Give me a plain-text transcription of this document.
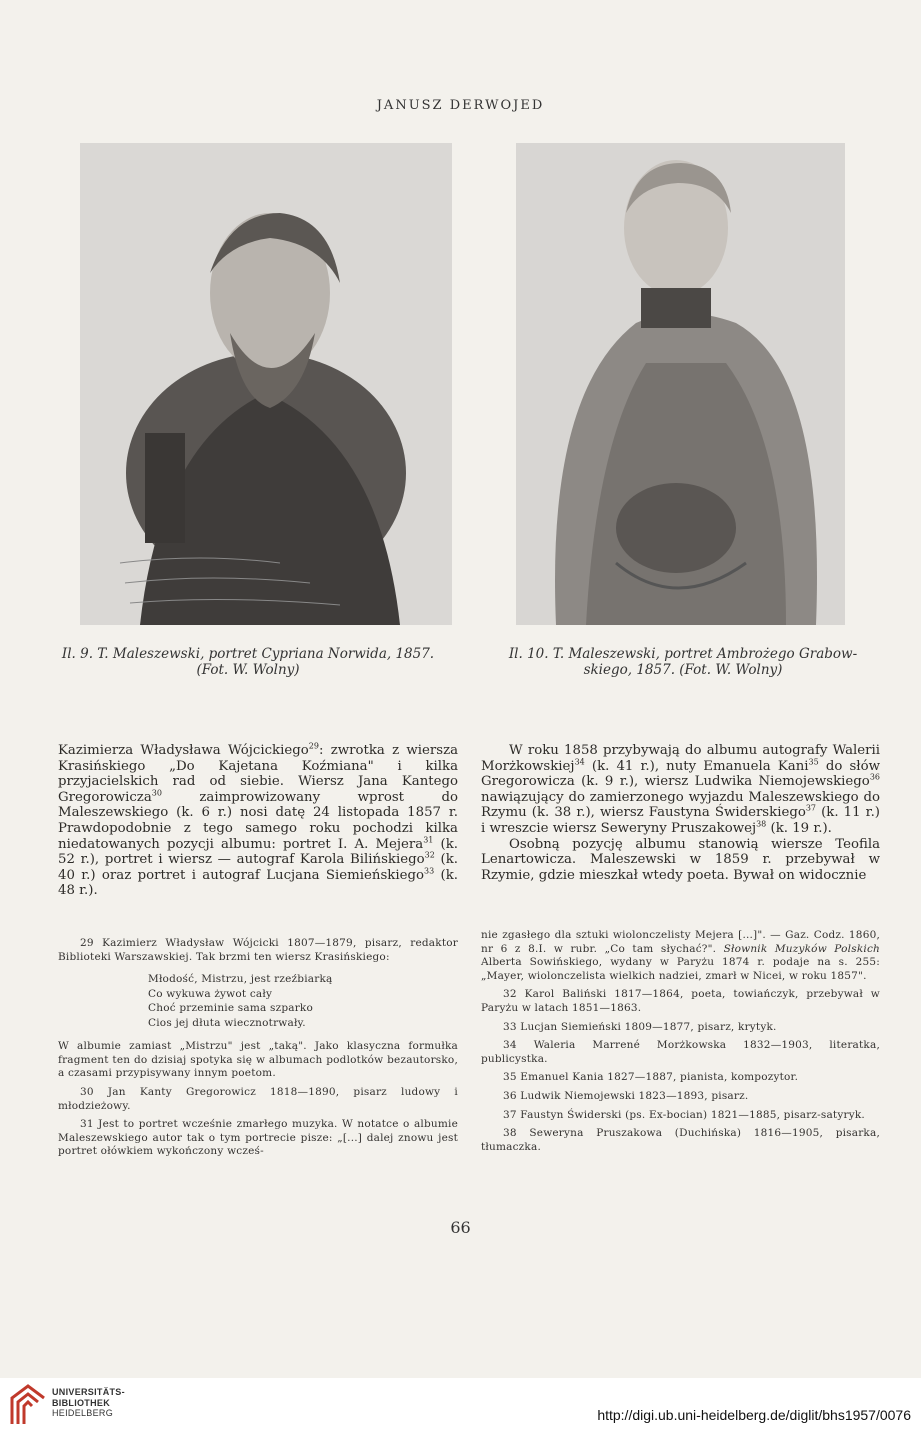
JANUSZ DERWOJED
Il. 9. T. Maleszewski, portret Cypriana Norwida, 1857.
(Fot. W. Wolny)
Il. 10. T. Maleszewski, portret Ambrożego Grabow-
skiego, 1857. (Fot. W. Wolny)

Kazimierza Władysława Wójcickiego$^{29}$: zwrotka z wiersza Krasińskiego „Do Kajetana Koźmiana" i kilka przyjacielskich rad od siebie. Wiersz Jana Kantego Gregorowicza$^{30}$ zaimprowizowany wprost do Maleszewskiego (k. 6 r.) nosi datę 24 listopada 1857 r. Prawdopodobnie z tego samego roku pochodzi kilka niedatowanych pozycji albumu: portret I. A. Mejera$^{31}$ (k. 52 r.), portret i wiersz — autograf Karola Bilińskiego$^{32}$ (k. 40 r.) oraz portret i autograf Lucjana Siemieńskiego$^{33}$ (k. 48 r.).

W roku 1858 przybywają do albumu autografy Walerii Morżkowskiej$^{34}$ (k. 41 r.), nuty Emanuela Kani$^{35}$ do słów Gregorowicza (k. 9 r.), wiersz Ludwika Niemojewskiego$^{36}$ nawiązujący do zamierzonego wyjazdu Maleszewskiego do Rzymu (k. 38 r.), wiersz Faustyna Świderskiego$^{37}$ (k. 11 r.) i wreszcie wiersz Seweryny Pruszakowej$^{38}$ (k. 19 r.).

Osobną pozycję albumu stanowią wiersze Teofila Lenartowicza. Maleszewski w 1859 r. przebywał w Rzymie, gdzie mieszkał wtedy poeta. Bywał on widocznie

29 Kazimierz Władysław Wójcicki 1807—1879, pisarz, redaktor Biblioteki Warszawskiej. Tak brzmi ten wiersz Krasińskiego:

Młodość, Mistrzu, jest rzeźbiarką
Co wykuwa żywot cały
Choć przeminie sama szparko
Cios jej dłuta wiecznotrwały.

W albumie zamiast „Mistrzu" jest „taką". Jako klasyczna formułka fragment ten do dzisiaj spotyka się w albumach podlotków bezautorsko, a czasami przypisywany innym poetom.

30 Jan Kanty Gregorowicz 1818—1890, pisarz ludowy i młodzieżowy.

31 Jest to portret wcześnie zmarłego muzyka. W notatce o albumie Maleszewskiego autor tak o tym portrecie pisze: „[...] dalej znowu jest portret ołówkiem wykończony wcześ-

nie zgasłego dla sztuki wiolonczelisty Mejera [...]". — Gaz. Codz. 1860, nr 6 z 8.I. w rubr. „Co tam słychać?". Słownik Muzyków Polskich Alberta Sowińskiego, wydany w Paryżu 1874 r. podaje na s. 255: „Mayer, wiolonczelista wielkich nadziei, zmarł w Nicei, w roku 1857".

32 Karol Baliński 1817—1864, poeta, towiańczyk, przebywał w Paryżu w latach 1851—1863.

33 Lucjan Siemieński 1809—1877, pisarz, krytyk.

34 Waleria Marrené Morżkowska 1832—1903, literatka, publicystka.

35 Emanuel Kania 1827—1887, pianista, kompozytor.

36 Ludwik Niemojewski 1823—1893, pisarz.

37 Faustyn Świderski (ps. Ex-bocian) 1821—1885, pisarz-satyryk.

38 Seweryna Pruszakowa (Duchińska) 1816—1905, pisarka, tłumaczka.

66
UNIVERSITÄTS-
BIBLIOTHEK
HEIDELBERG	http://digi.ub.uni-heidelberg.de/diglit/bhs1957/0076
